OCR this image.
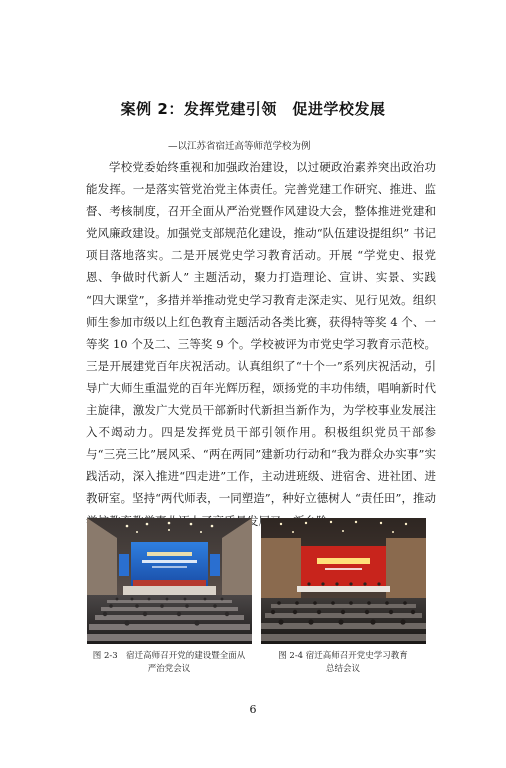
案例 2：发挥党建引领　促进学校发展
—以江苏省宿迁高等师范学校为例

学校党委始终重视和加强政治建设，以过硬政治素养突出政治功能发挥。一是落实管党治党主体责任。完善党建工作研究、推进、监督、考核制度，召开全面从严治党暨作风建设大会，整体推进党建和党风廉政建设。加强党支部规范化建设，推动“队伍建设提组织” 书记项目落地落实。二是开展党史学习教育活动。开展 “学党史、报党恩、争做时代新人” 主题活动，聚力打造理论、宣讲、实景、实践 “四大课堂”，多措并举推动党史学习教育走深走实、见行见效。组织师生参加市级以上红色教育主题活动各类比赛，获得特等奖 4 个、一等奖 10 个及二、三等奖 9 个。学校被评为市党史学习教育示范校。三是开展建党百年庆祝活动。认真组织了“十个一”系列庆祝活动，引导广大师生重温党的百年光辉历程，颂扬党的丰功伟绩，唱响新时代主旋律，激发广大党员干部新时代新担当新作为，为学校事业发展注入不竭动力。四是发挥党员干部引领作用。积极组织党员干部参与“三亮三比”展风采、“两在两同”建新功行动和“我为群众办实事”实践活动，深入推进“四走进”工作，主动进班级、进宿舍、进社团、进教研室。坚持“两代师表，一同塑造”，种好立德树人 “责任田”，推动 业迈上了高质量发展又一新台阶。

图 2-3　宿迁高师召开党的建设暨全面从
严治党会议
图 2-4 宿迁高师召开党史学习教育
总结会议
6
